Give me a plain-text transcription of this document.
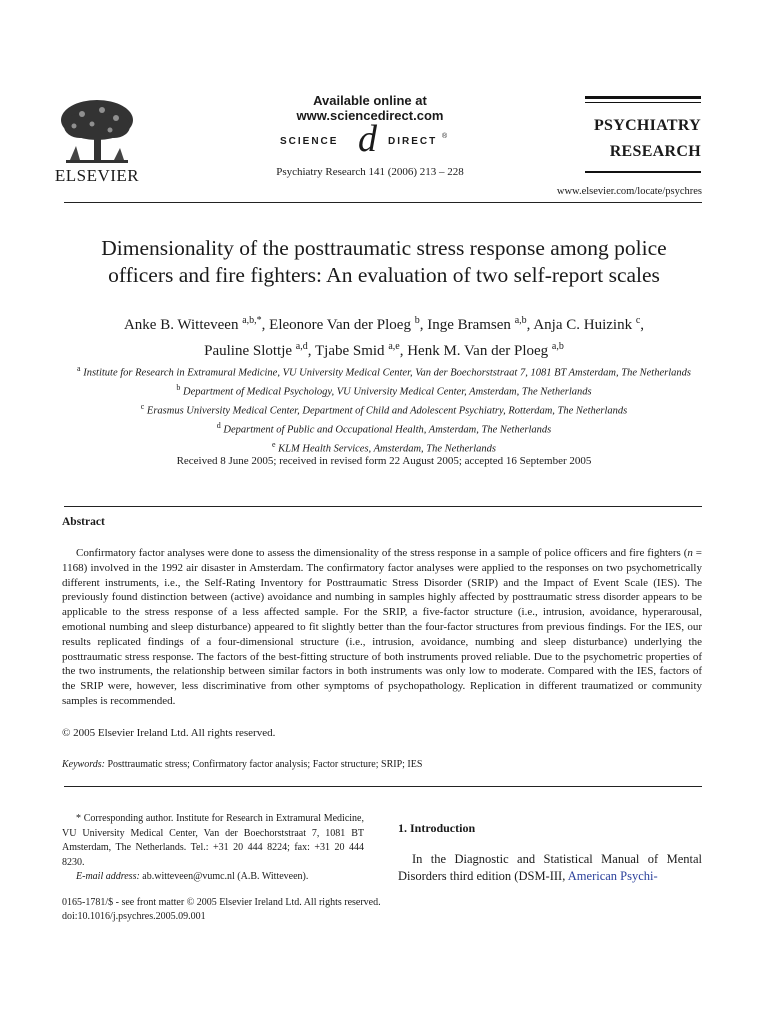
ELSEVIER
Available online at www.sciencedirect.com
SCIENCE d DIRECT ®
Psychiatry Research 141 (2006) 213 – 228
PSYCHIATRY
RESEARCH
www.elsevier.com/locate/psychres
Dimensionality of the posttraumatic stress response among police
officers and fire fighters: An evaluation of two self-report scales
Anke B. Witteveen $^{a,b,*}$, Eleonore Van der Ploeg $^b$, Inge Bramsen $^{a,b}$, Anja C. Huizink $^c$,
Pauline Slottje $^{a,d}$, Tjabe Smid $^{a,e}$, Henk M. Van der Ploeg $^{a,b}$
$^a$ Institute for Research in Extramural Medicine, VU University Medical Center, Van der Boechorststraat 7, 1081 BT Amsterdam, The Netherlands
$^b$ Department of Medical Psychology, VU University Medical Center, Amsterdam, The Netherlands
$^c$ Erasmus University Medical Center, Department of Child and Adolescent Psychiatry, Rotterdam, The Netherlands
$^d$ Department of Public and Occupational Health, Amsterdam, The Netherlands
$^e$ KLM Health Services, Amsterdam, The Netherlands
Received 8 June 2005; received in revised form 22 August 2005; accepted 16 September 2005
Abstract

Confirmatory factor analyses were done to assess the dimensionality of the stress response in a sample of police officers and fire fighters (n = 1168) involved in the 1992 air disaster in Amsterdam. The confirmatory factor analyses were applied to the responses on two psychometrically different instruments, i.e., the Self-Rating Inventory for Posttraumatic Stress Disorder (SRIP) and the Impact of Event Scale (IES). The previously found distinction between (active) avoidance and numbing in samples highly affected by posttraumatic stress disorder appears to be applicable to the stress response of a less affected sample. For the SRIP, a five-factor structure (i.e., intrusion, avoidance, hyperarousal, emotional numbing and sleep disturbance) appeared to fit slightly better than the four-factor structures from previous findings. For the IES, our results replicated findings of a four-dimensional structure (i.e., intrusion, avoidance, numbing and sleep disturbance) underlying the posttraumatic stress response. The factors of the best-fitting structure of both instruments proved reliable. Due to the psychometric properties of the two instruments, the relationship between similar factors in both instruments was only low to moderate. Compared with the IES, factors of the SRIP were, however, less discriminative from other symptoms of psychopathology. Replication in different traumatized or community samples is recommended.

© 2005 Elsevier Ireland Ltd. All rights reserved.
Keywords: Posttraumatic stress; Confirmatory factor analysis; Factor structure; SRIP; IES

* Corresponding author. Institute for Research in Extramural Medicine, VU University Medical Center, Van der Boechorststraat 7, 1081 BT Amsterdam, The Netherlands. Tel.: +31 20 444 8224; fax: +31 20 444 8230.

E-mail address: ab.witteveen@vumc.nl (A.B. Witteveen).

0165-1781/$ - see front matter © 2005 Elsevier Ireland Ltd. All rights reserved.
doi:10.1016/j.psychres.2005.09.001
1. Introduction

In the Diagnostic and Statistical Manual of Mental Disorders third edition (DSM-III, American Psychi-
